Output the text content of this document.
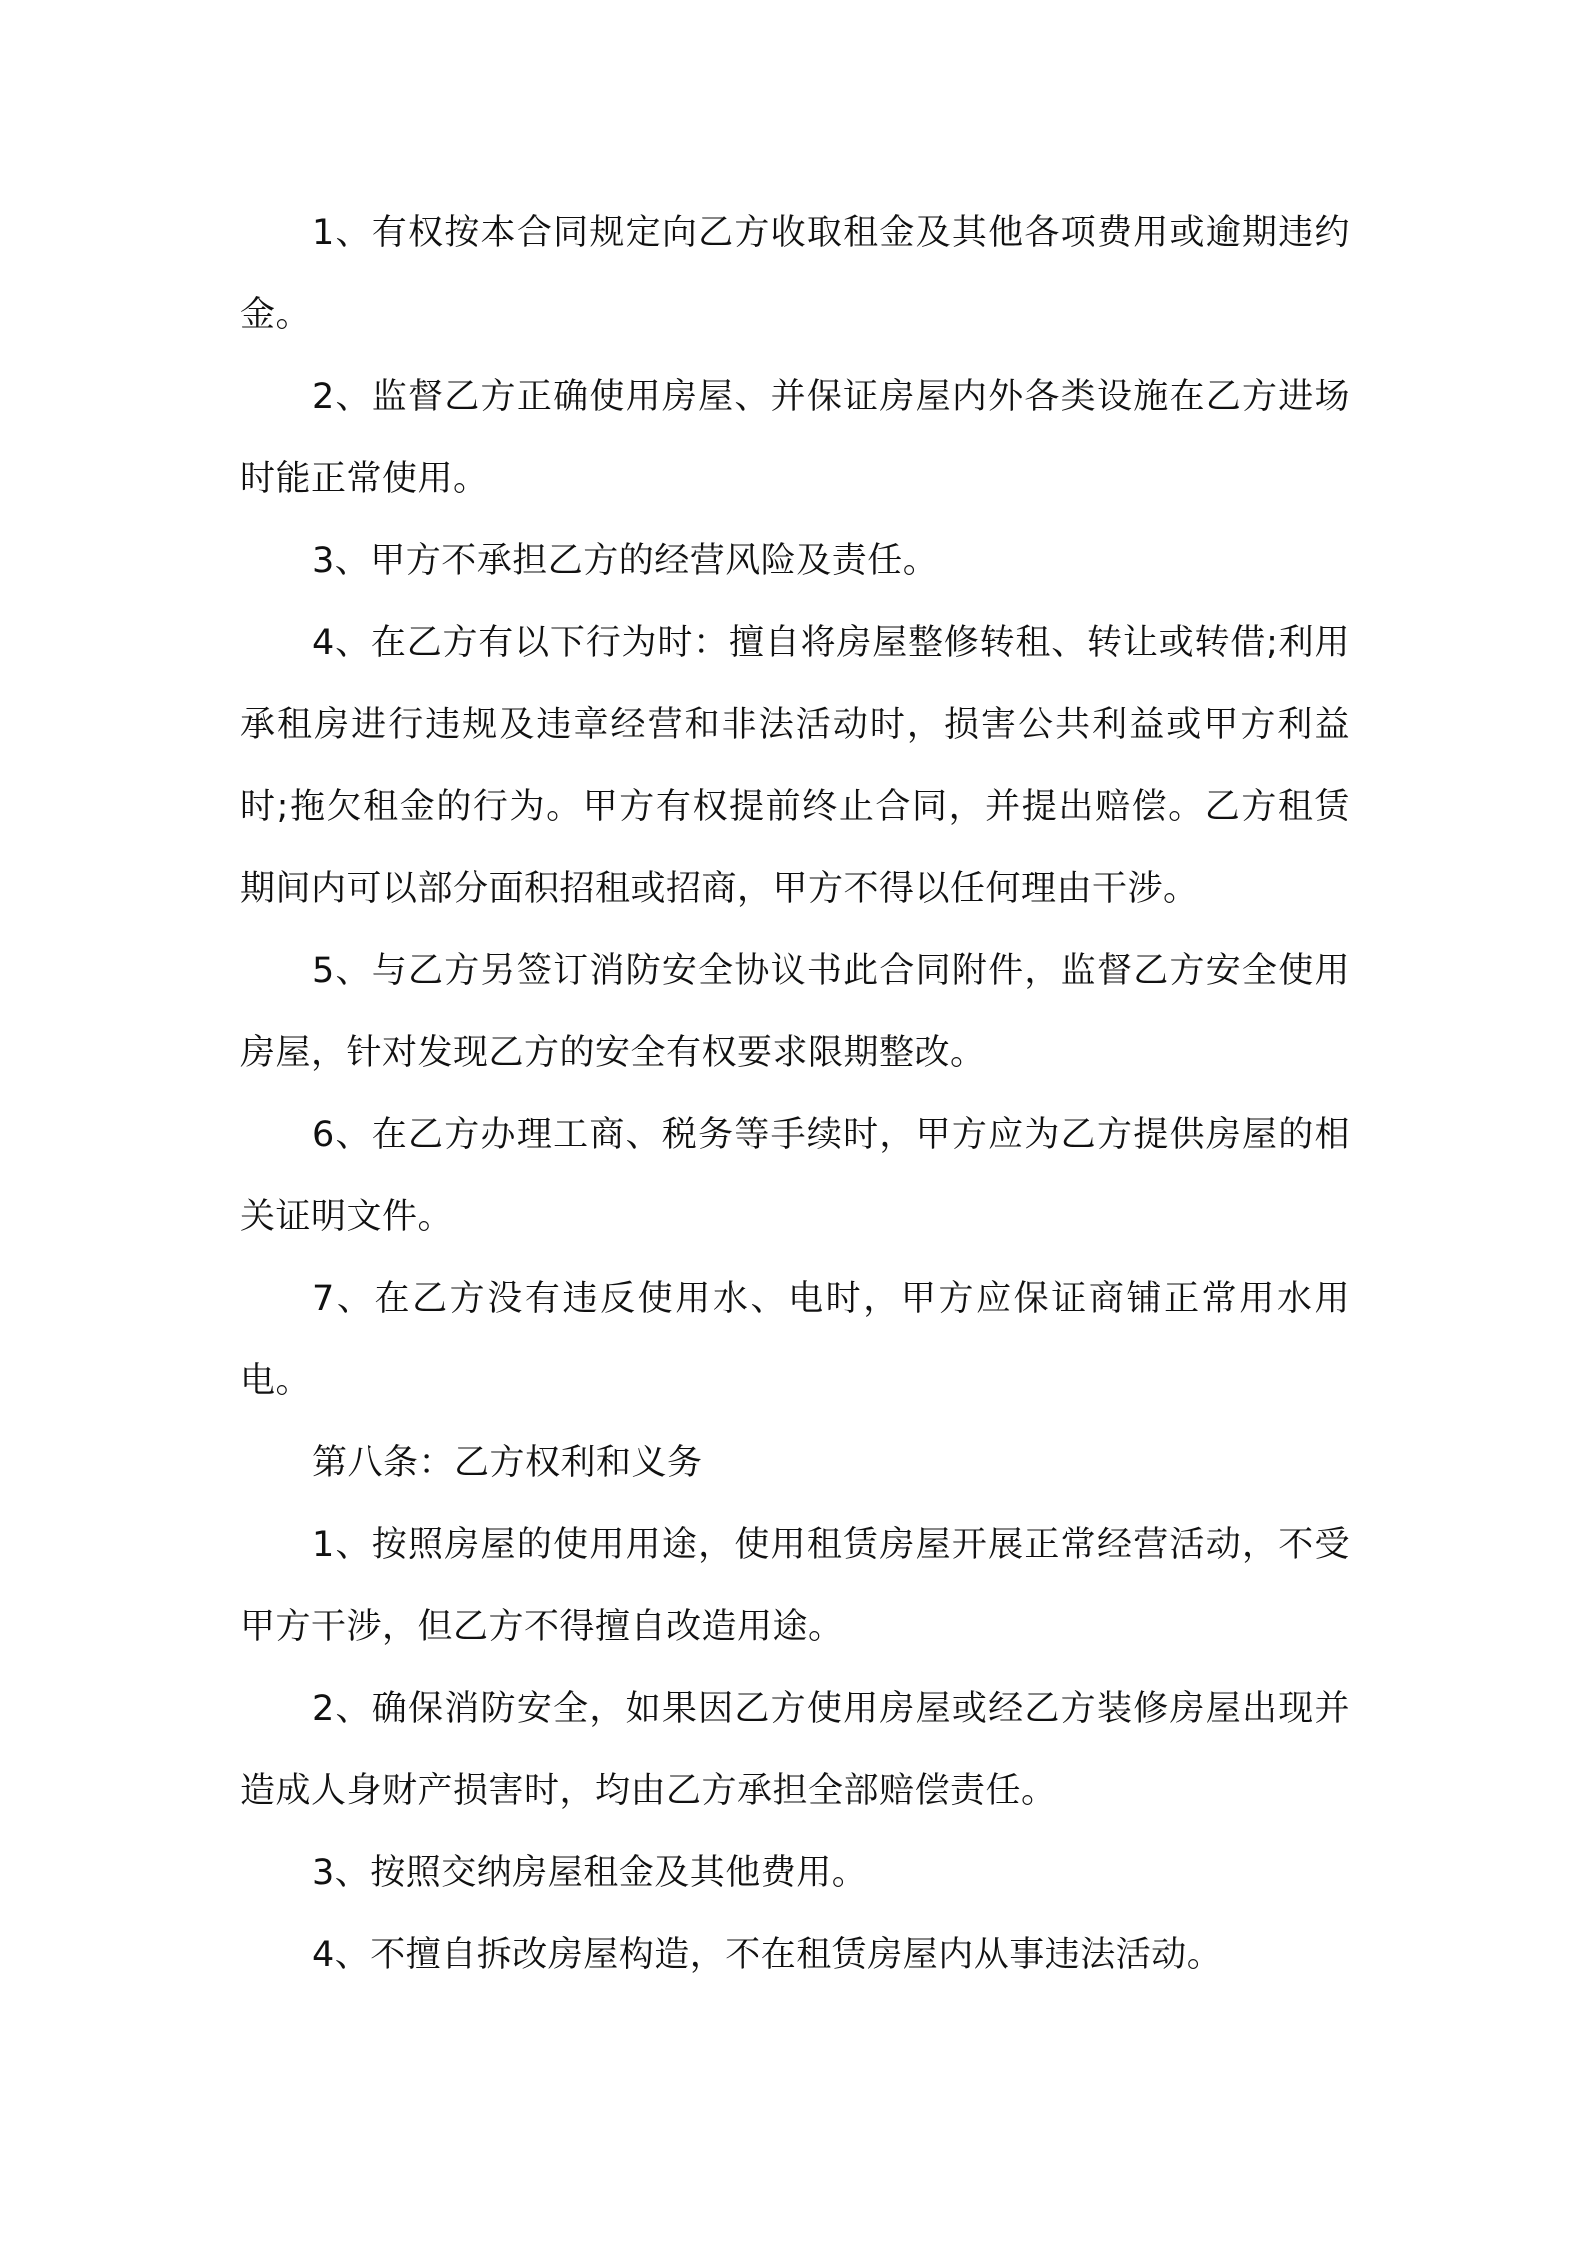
1、有权按本合同规定向乙方收取租金及其他各项费用或逾期违约金。

2、监督乙方正确使用房屋、并保证房屋内外各类设施在乙方进场时能正常使用。

3、甲方不承担乙方的经营风险及责任。

4、在乙方有以下行为时：擅自将房屋整修转租、转让或转借;利用承租房进行违规及违章经营和非法活动时，损害公共利益或甲方利益时;拖欠租金的行为。甲方有权提前终止合同，并提出赔偿。乙方租赁期间内可以部分面积招租或招商，甲方不得以任何理由干涉。

5、与乙方另签订消防安全协议书此合同附件，监督乙方安全使用房屋，针对发现乙方的安全有权要求限期整改。

6、在乙方办理工商、税务等手续时，甲方应为乙方提供房屋的相关证明文件。

7、在乙方没有违反使用水、电时，甲方应保证商铺正常用水用电。

第八条：乙方权利和义务

1、按照房屋的使用用途，使用租赁房屋开展正常经营活动，不受甲方干涉，但乙方不得擅自改造用途。

2、确保消防安全，如果因乙方使用房屋或经乙方装修房屋出现并造成人身财产损害时，均由乙方承担全部赔偿责任。

3、按照交纳房屋租金及其他费用。

4、不擅自拆改房屋构造，不在租赁房屋内从事违法活动。
